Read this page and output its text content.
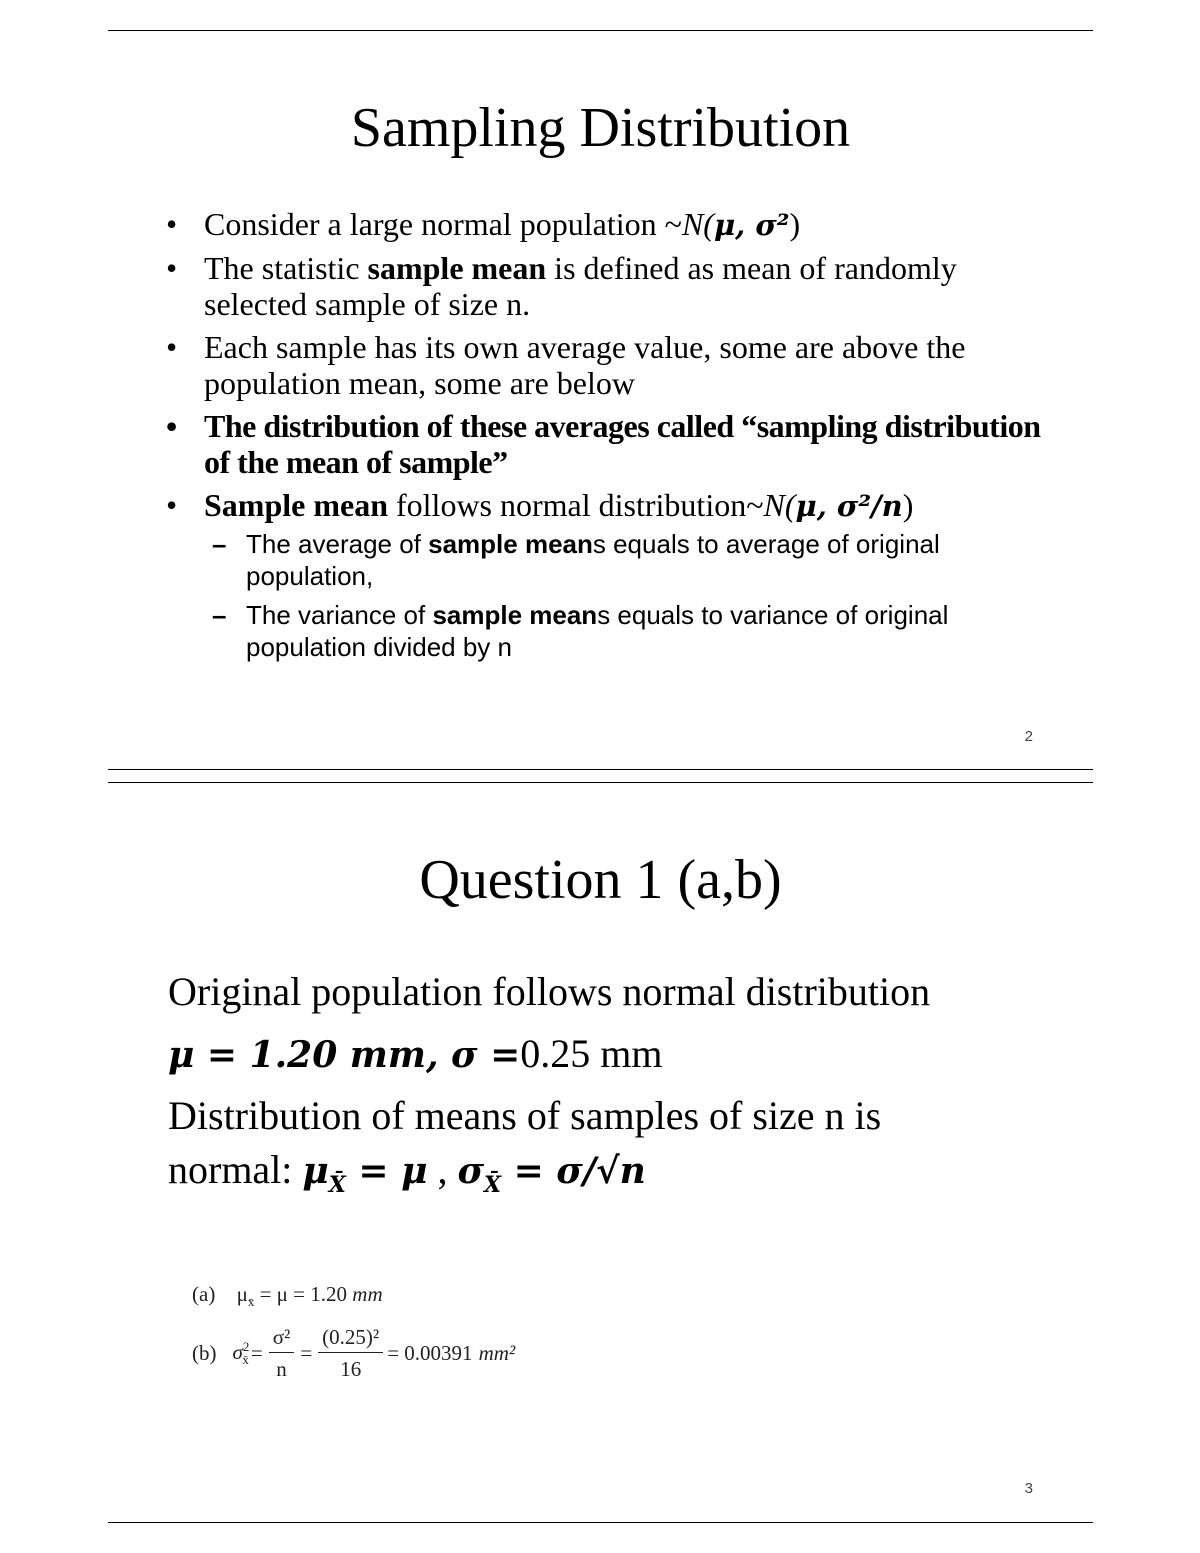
Sampling Distribution
• Consider a large normal population ~N(μ, σ²)
• The statistic sample mean is defined as mean of randomly selected sample of size n.
• Each sample has its own average value, some are above the population mean, some are below
• The distribution of these averages called “sampling distribution of the mean of sample”
• Sample mean follows normal distribution~N(μ, σ²/n)
– The average of sample means equals to average of original population,
– The variance of sample means equals to variance of original population divided by n
2
Question 1 (a,b)
Original population follows normal distribution
μ = 1.20 mm, σ =0.25 mm
Distribution of means of samples of size n is
normal: $\mu_{X̄} = \mu$ , $\sigma_{X̄} = \sigma/√n$
(a) $\mu_{x̄} = \mu = 1.20$ mm
(b) $\sigma^2_{x̄} = \frac{\text{σ²}}{n} = \frac{\text{(0.25)²}}{16} = 0.00391$ mm²
3
